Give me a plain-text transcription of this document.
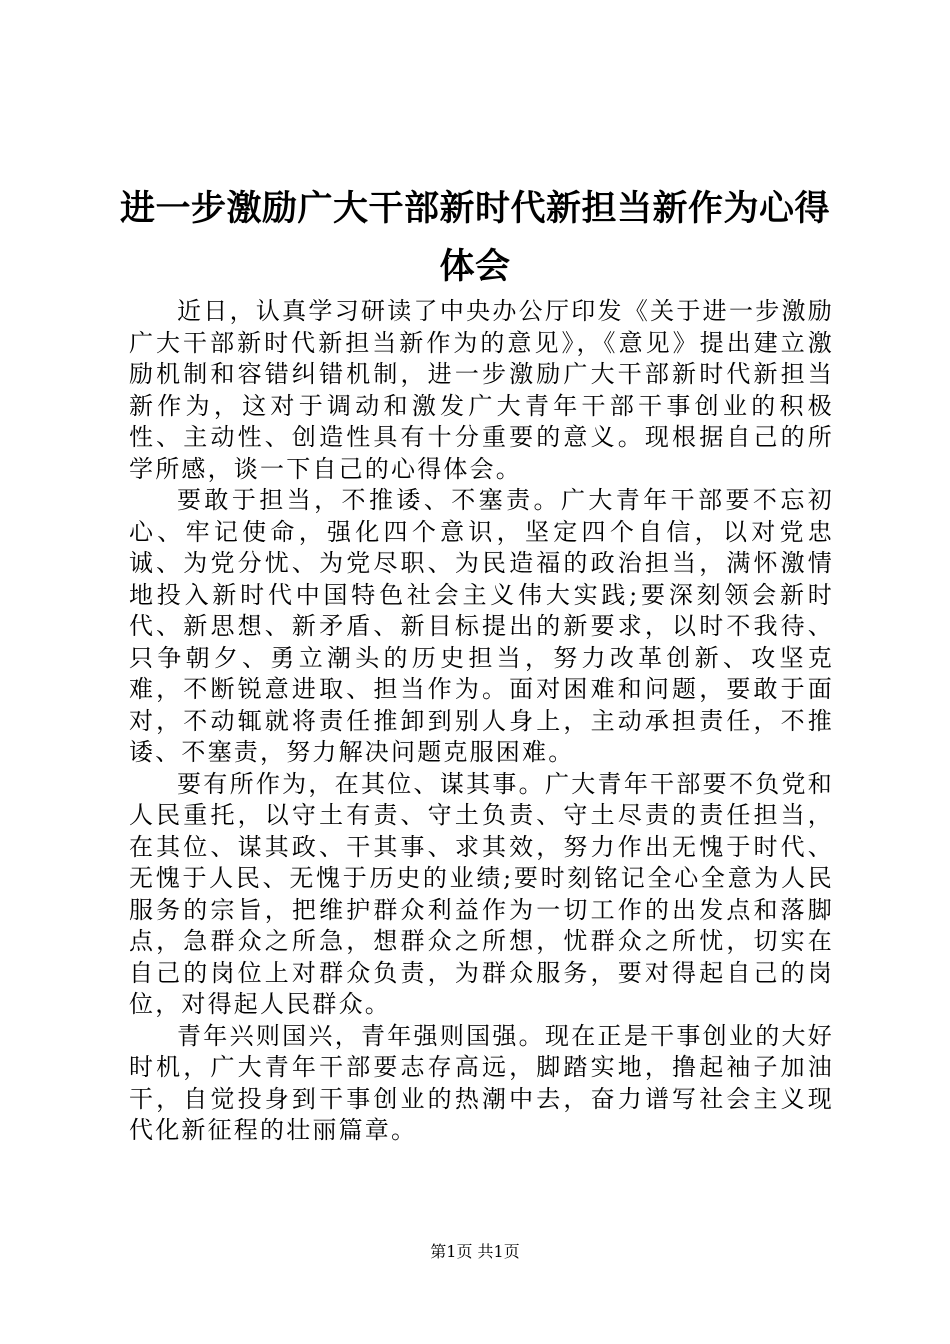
进一步激励广大干部新时代新担当新作为心得
体会

近日，认真学习研读了中央办公厅印发《关于进一步激励广大干部新时代新担当新作为的意见》，《意见》提出建立激励机制和容错纠错机制，进一步激励广大干部新时代新担当新作为，这对于调动和激发广大青年干部干事创业的积极性、主动性、创造性具有十分重要的意义。现根据自己的所学所感，谈一下自己的心得体会。

要敢于担当，不推诿、不塞责。广大青年干部要不忘初心、牢记使命，强化四个意识，坚定四个自信，以对党忠诚、为党分忧、为党尽职、为民造福的政治担当，满怀激情地投入新时代中国特色社会主义伟大实践;要深刻领会新时代、新思想、新矛盾、新目标提出的新要求，以时不我待、只争朝夕、勇立潮头的历史担当，努力改革创新、攻坚克难，不断锐意进取、担当作为。面对困难和问题，要敢于面对，不动辄就将责任推卸到别人身上，主动承担责任，不推诿、不塞责，努力解决问题克服困难。

要有所作为，在其位、谋其事。广大青年干部要不负党和人民重托，以守土有责、守土负责、守土尽责的责任担当，在其位、谋其政、干其事、求其效，努力作出无愧于时代、无愧于人民、无愧于历史的业绩;要时刻铭记全心全意为人民服务的宗旨，把维护群众利益作为一切工作的出发点和落脚点，急群众之所急，想群众之所想，忧群众之所忧，切实在自己的岗位上对群众负责，为群众服务，要对得起自己的岗位，对得起人民群众。

青年兴则国兴，青年强则国强。现在正是干事创业的大好时机，广大青年干部要志存高远，脚踏实地，撸起袖子加油干，自觉投身到干事创业的热潮中去，奋力谱写社会主义现代化新征程的壮丽篇章。

第1页 共1页
